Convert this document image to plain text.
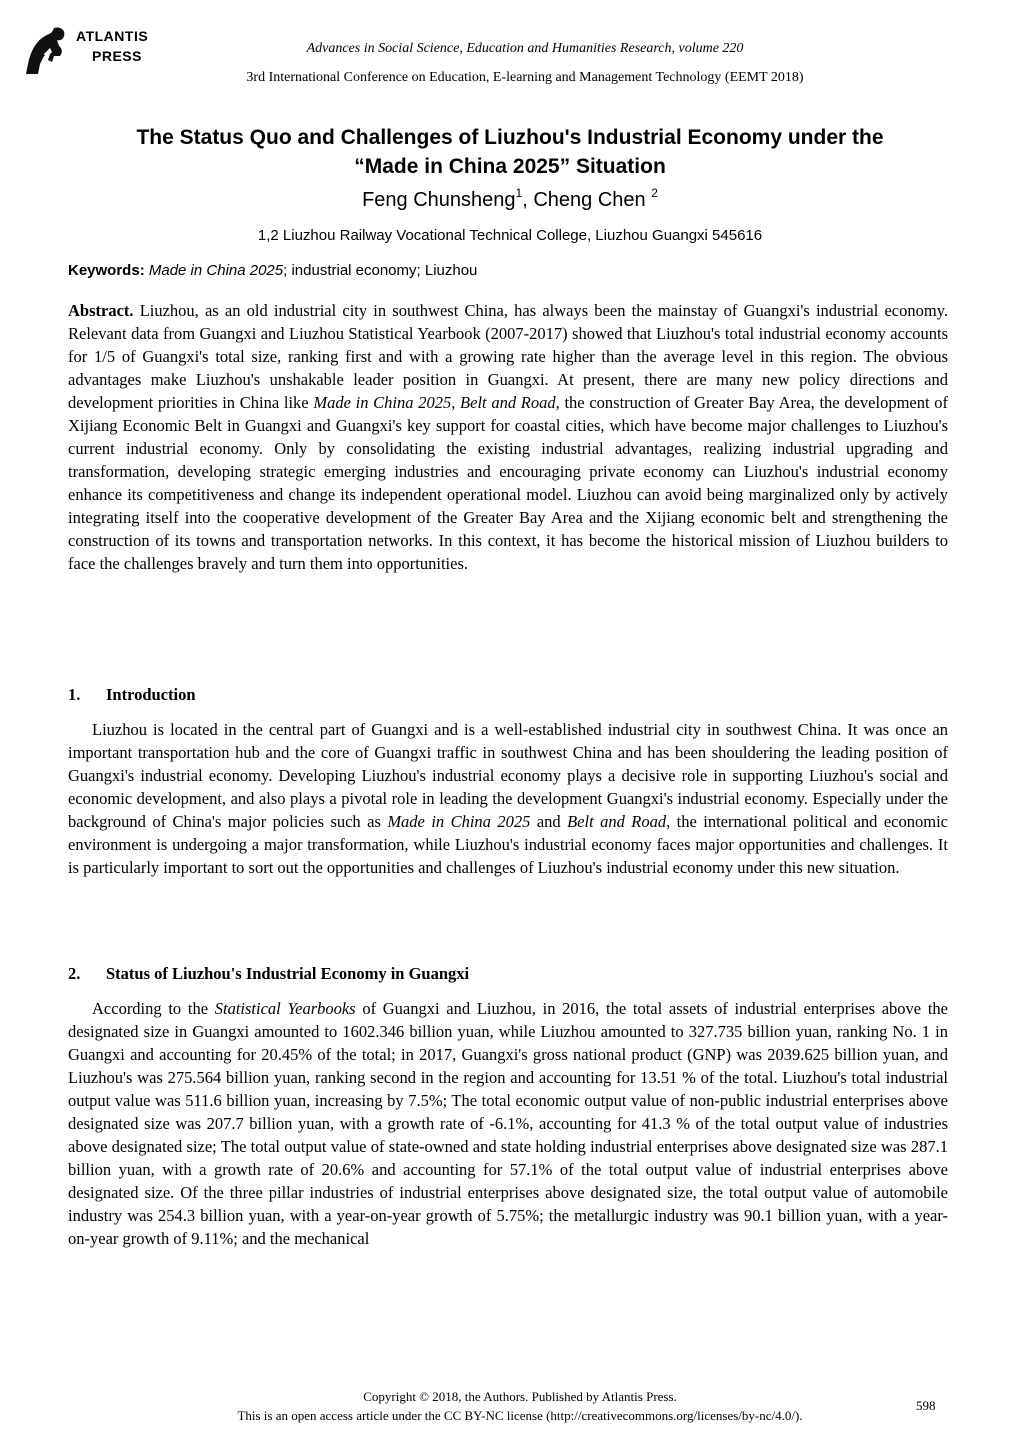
ATLANTIS
PRESS	Advances in Social Science, Education and Humanities Research, volume 220
3rd International Conference on Education, E-learning and Management Technology (EEMT 2018)
The Status Quo and Challenges of Liuzhou's Industrial Economy under the
“Made in China 2025” Situation
Feng Chunsheng$^1$, Cheng Chen $^2$
1,2 Liuzhou Railway Vocational Technical College, Liuzhou Guangxi 545616
Keywords: Made in China 2025; industrial economy; Liuzhou
Abstract. Liuzhou, as an old industrial city in southwest China, has always been the mainstay of Guangxi's industrial economy. Relevant data from Guangxi and Liuzhou Statistical Yearbook (2007-2017) showed that Liuzhou's total industrial economy accounts for 1/5 of Guangxi's total size, ranking first and with a growing rate higher than the average level in this region. The obvious advantages make Liuzhou's unshakable leader position in Guangxi. At present, there are many new policy directions and development priorities in China like Made in China 2025, Belt and Road, the construction of Greater Bay Area, the development of Xijiang Economic Belt in Guangxi and Guangxi's key support for coastal cities, which have become major challenges to Liuzhou's current industrial economy. Only by consolidating the existing industrial advantages, realizing industrial upgrading and transformation, developing strategic emerging industries and encouraging private economy can Liuzhou's industrial economy enhance its competitiveness and change its independent operational model. Liuzhou can avoid being marginalized only by actively integrating itself into the cooperative development of the Greater Bay Area and the Xijiang economic belt and strengthening the construction of its towns and transportation networks. In this context, it has become the historical mission of Liuzhou builders to face the challenges bravely and turn them into opportunities.
1. Introduction
Liuzhou is located in the central part of Guangxi and is a well-established industrial city in southwest China. It was once an important transportation hub and the core of Guangxi traffic in southwest China and has been shouldering the leading position of Guangxi's industrial economy. Developing Liuzhou's industrial economy plays a decisive role in supporting Liuzhou's social and economic development, and also plays a pivotal role in leading the development Guangxi's industrial economy. Especially under the background of China's major policies such as Made in China 2025 and Belt and Road, the international political and economic environment is undergoing a major transformation, while Liuzhou's industrial economy faces major opportunities and challenges. It is particularly important to sort out the opportunities and challenges of Liuzhou's industrial economy under this new situation.
2. Status of Liuzhou's Industrial Economy in Guangxi
According to the Statistical Yearbooks of Guangxi and Liuzhou, in 2016, the total assets of industrial enterprises above the designated size in Guangxi amounted to 1602.346 billion yuan, while Liuzhou amounted to 327.735 billion yuan, ranking No. 1 in Guangxi and accounting for 20.45% of the total; in 2017, Guangxi's gross national product (GNP) was 2039.625 billion yuan, and Liuzhou's was 275.564 billion yuan, ranking second in the region and accounting for 13.51 % of the total. Liuzhou's total industrial output value was 511.6 billion yuan, increasing by 7.5%; The total economic output value of non-public industrial enterprises above designated size was 207.7 billion yuan, with a growth rate of -6.1%, accounting for 41.3 % of the total output value of industries above designated size; The total output value of state-owned and state holding industrial enterprises above designated size was 287.1 billion yuan, with a growth rate of 20.6% and accounting for 57.1% of the total output value of industrial enterprises above designated size. Of the three pillar industries of industrial enterprises above designated size, the total output value of automobile industry was 254.3 billion yuan, with a year-on-year growth of 5.75%; the metallurgic industry was 90.1 billion yuan, with a year-on-year growth of 9.11%; and the mechanical
Copyright © 2018, the Authors. Published by Atlantis Press.
This is an open access article under the CC BY-NC license (http://creativecommons.org/licenses/by-nc/4.0/).
598
